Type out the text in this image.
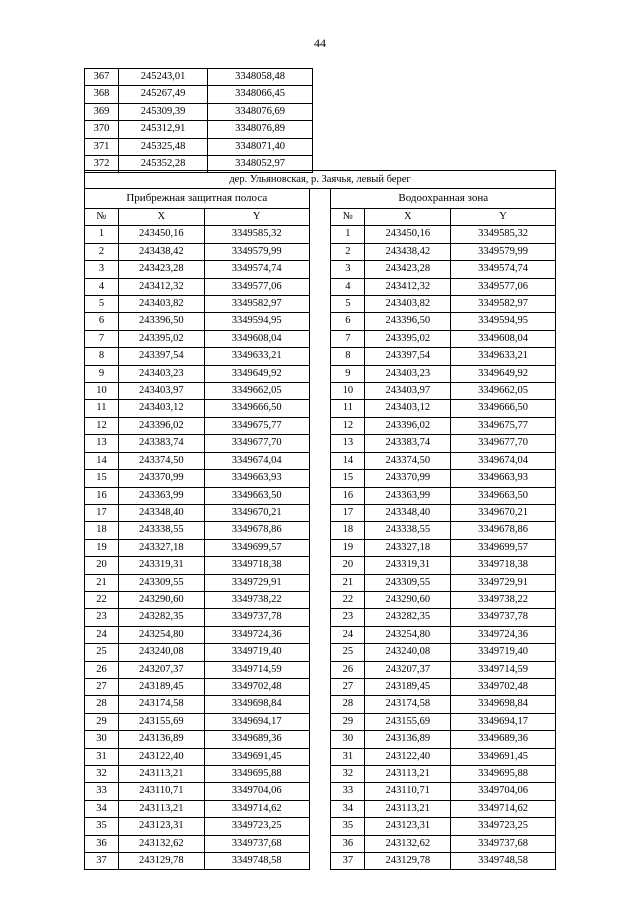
44
367	245243,01	3348058,48
368	245267,49	3348066,45
369	245309,39	3348076,69
370	245312,91	3348076,89
371	245325,48	3348071,40
372	245352,28	3348052,97
дер. Ульяновская, р. Заячья, левый берег						
Прибрежная защитная полоса				Водоохранная зона		
№	X	Y		№	X	Y
1	243450,16	3349585,32		1	243450,16	3349585,32
2	243438,42	3349579,99		2	243438,42	3349579,99
3	243423,28	3349574,74		3	243423,28	3349574,74
4	243412,32	3349577,06		4	243412,32	3349577,06
5	243403,82	3349582,97		5	243403,82	3349582,97
6	243396,50	3349594,95		6	243396,50	3349594,95
7	243395,02	3349608,04		7	243395,02	3349608,04
8	243397,54	3349633,21		8	243397,54	3349633,21
9	243403,23	3349649,92		9	243403,23	3349649,92
10	243403,97	3349662,05		10	243403,97	3349662,05
11	243403,12	3349666,50		11	243403,12	3349666,50
12	243396,02	3349675,77		12	243396,02	3349675,77
13	243383,74	3349677,70		13	243383,74	3349677,70
14	243374,50	3349674,04		14	243374,50	3349674,04
15	243370,99	3349663,93		15	243370,99	3349663,93
16	243363,99	3349663,50		16	243363,99	3349663,50
17	243348,40	3349670,21		17	243348,40	3349670,21
18	243338,55	3349678,86		18	243338,55	3349678,86
19	243327,18	3349699,57		19	243327,18	3349699,57
20	243319,31	3349718,38		20	243319,31	3349718,38
21	243309,55	3349729,91		21	243309,55	3349729,91
22	243290,60	3349738,22		22	243290,60	3349738,22
23	243282,35	3349737,78		23	243282,35	3349737,78
24	243254,80	3349724,36		24	243254,80	3349724,36
25	243240,08	3349719,40		25	243240,08	3349719,40
26	243207,37	3349714,59		26	243207,37	3349714,59
27	243189,45	3349702,48		27	243189,45	3349702,48
28	243174,58	3349698,84		28	243174,58	3349698,84
29	243155,69	3349694,17		29	243155,69	3349694,17
30	243136,89	3349689,36		30	243136,89	3349689,36
31	243122,40	3349691,45		31	243122,40	3349691,45
32	243113,21	3349695,88		32	243113,21	3349695,88
33	243110,71	3349704,06		33	243110,71	3349704,06
34	243113,21	3349714,62		34	243113,21	3349714,62
35	243123,31	3349723,25		35	243123,31	3349723,25
36	243132,62	3349737,68		36	243132,62	3349737,68
37	243129,78	3349748,58		37	243129,78	3349748,58
